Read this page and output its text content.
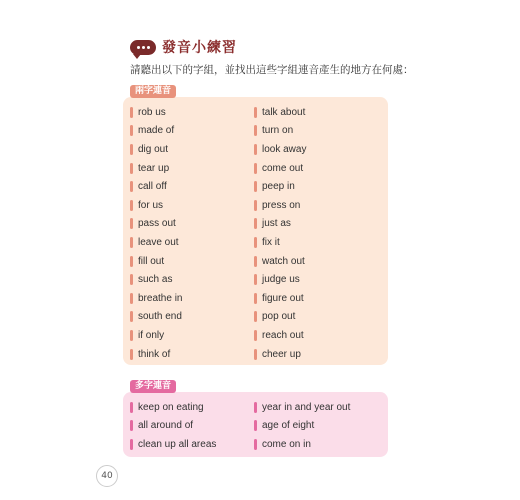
發音小練習
請聽出以下的字組，並找出這些字組連音產生的地方在何處：
兩字連音
rob us	talk about
made of	turn on
dig out	look away
tear up	come out
call off	peep in
for us	press on
pass out	just as
leave out	fix it
fill out	watch out
such as	judge us
breathe in	figure out
south end	pop out
if only	reach out
think of	cheer up
多字連音
keep on eating	year in and year out
all around of	age of eight
clean up all areas	come on in
40
